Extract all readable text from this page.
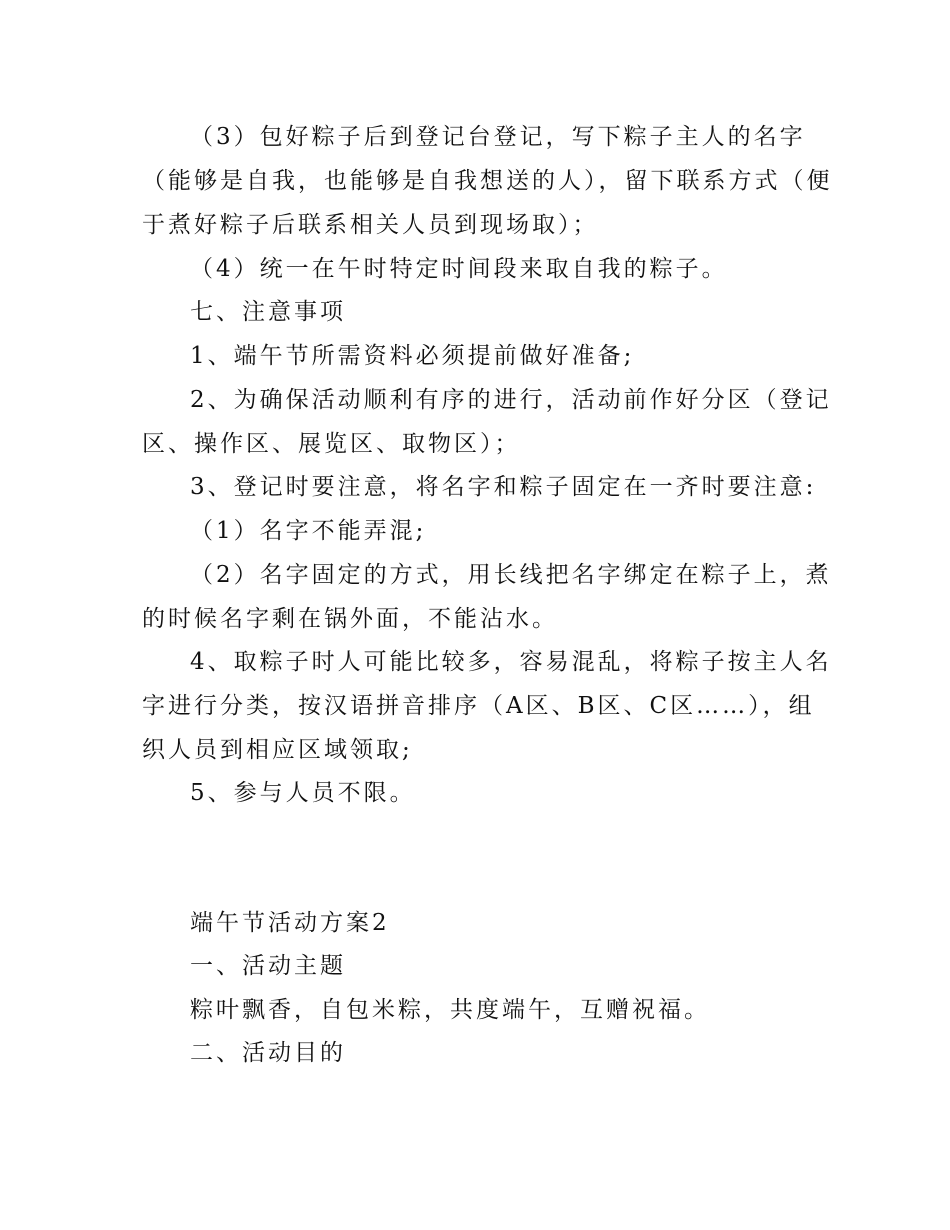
（3）包好粽子后到登记台登记，写下粽子主人的名字
（能够是自我，也能够是自我想送的人），留下联系方式（便
于煮好粽子后联系相关人员到现场取）；
（4）统一在午时特定时间段来取自我的粽子。
七、注意事项
1、端午节所需资料必须提前做好准备;
2、为确保活动顺利有序的进行，活动前作好分区（登记
区、操作区、展览区、取物区）；
3、登记时要注意，将名字和粽子固定在一齐时要注意:
（1）名字不能弄混;
（2）名字固定的方式，用长线把名字绑定在粽子上，煮
的时候名字剩在锅外面，不能沾水。
4、取粽子时人可能比较多，容易混乱，将粽子按主人名
字进行分类，按汉语拼音排序（A区、B区、C区……），组
织人员到相应区域领取;
5、参与人员不限。
端午节活动方案2
一、活动主题
粽叶飘香，自包米粽，共度端午，互赠祝福。
二、活动目的
